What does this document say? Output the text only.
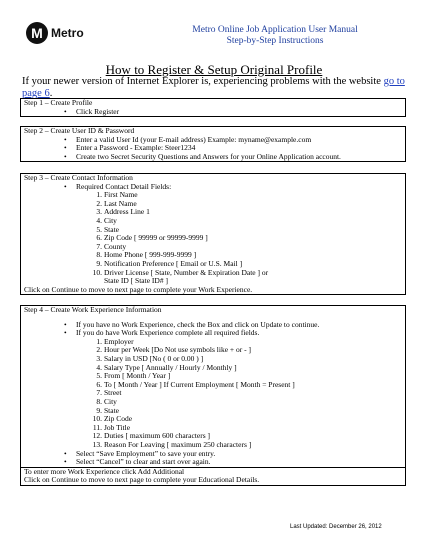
M Metro	Metro Online Job Application User Manual
Step-by-Step Instructions
How to Register & Setup Original Profile
If your newer version of Internet Explorer is, experiencing problems with the website go to page 6.
Step 1 – Create Profile
• Click Register
Step 2 – Create User ID & Password
• Enter a valid User Id (your E-mail address) Example: myname@example.com
• Enter a Password - Example: Steer1234
• Create two Secret Security Questions and Answers for your Online Application account.
Step 3 – Create Contact Information
• Required Contact Detail Fields:
1. First Name
2. Last Name
3. Address Line 1
4. City
5. State
6. Zip Code [ 99999 or 99999-9999 ]
7. County
8. Home Phone [ 999-999-9999 ]
9. Notification Preference [ Email or U.S. Mail ]
10. Driver License [ State, Number & Expiration Date ] or
State ID [ State ID# ]
Click on Continue to move to next page to complete your Work Experience.
Step 4 – Create Work Experience Information
• If you have no Work Experience, check the Box and click on Update to continue.
• If you do have Work Experience complete all required fields.
1. Employer
2. Hour per Week [Do Not use symbols like + or - ]
3. Salary in USD [No ( 0 or 0.00 ) ]
4. Salary Type [ Annually / Hourly / Monthly ]
5. From [ Month / Year ]
6. To [ Month / Year ] If Current Employment [ Month = Present ]
7. Street
8. City
9. State
10. Zip Code
11. Job Title
12. Duties [ maximum 600 characters ]
13. Reason For Leaving [ maximum 250 characters ]
• Select “Save Employment” to save your entry.
• Select “Cancel” to clear and start over again.
To enter more Work Experience click Add Additional
Click on Continue to move to next page to complete your Educational Details.
Last Updated: December 26, 2012
